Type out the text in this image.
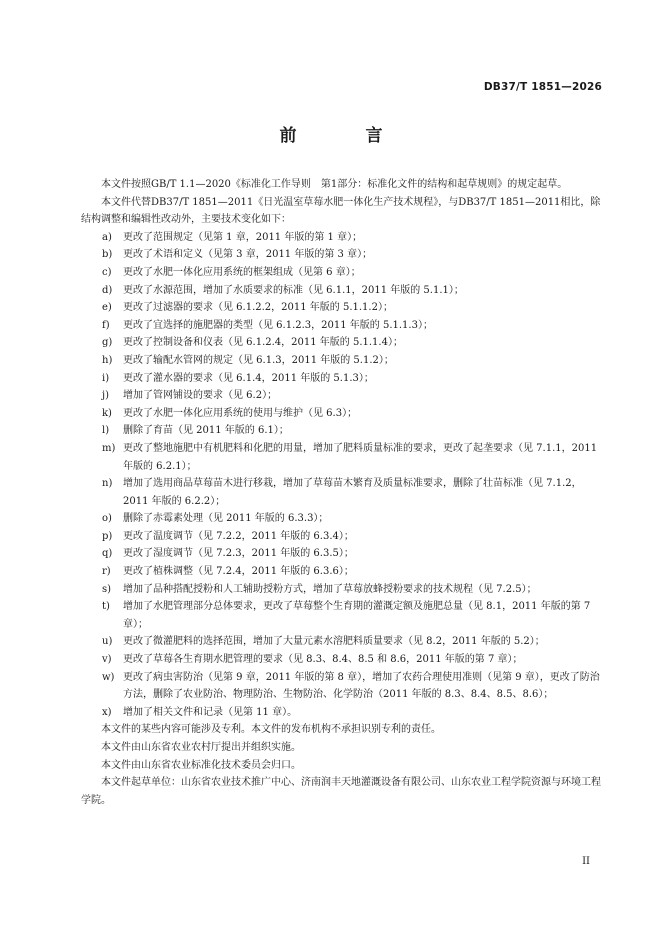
DB37/T 1851—2026
前　言
本文件按照GB/T 1.1—2020《标准化工作导则　第1部分：标准化文件的结构和起草规则》的规定起草。
本文件代替DB37/T 1851—2011《日光温室草莓水肥一体化生产技术规程》，与DB37/T 1851—2011相比，除结构调整和编辑性改动外，主要技术变化如下：
a) 更改了范围规定（见第 1 章，2011 年版的第 1 章）；
b) 更改了术语和定义（见第 3 章，2011 年版的第 3 章）；
c) 更改了水肥一体化应用系统的框架组成（见第 6 章）；
d) 更改了水源范围，增加了水质要求的标准（见 6.1.1，2011 年版的 5.1.1）；
e) 更改了过滤器的要求（见 6.1.2.2，2011 年版的 5.1.1.2）；
f) 更改了宜选择的施肥器的类型（见 6.1.2.3，2011 年版的 5.1.1.3）；
g) 更改了控制设备和仪表（见 6.1.2.4，2011 年版的 5.1.1.4）；
h) 更改了输配水管网的规定（见 6.1.3，2011 年版的 5.1.2）；
i) 更改了灌水器的要求（见 6.1.4，2011 年版的 5.1.3）；
j) 增加了管网铺设的要求（见 6.2）；
k) 更改了水肥一体化应用系统的使用与维护（见 6.3）；
l) 删除了育苗（见 2011 年版的 6.1）；
m) 更改了整地施肥中有机肥料和化肥的用量，增加了肥料质量标准的要求，更改了起垄要求（见 7.1.1，2011 年版的 6.2.1）；
n) 增加了选用商品草莓苗木进行移栽，增加了草莓苗木繁育及质量标准要求，删除了壮苗标准（见 7.1.2，2011 年版的 6.2.2）；
o) 删除了赤霉素处理（见 2011 年版的 6.3.3）；
p) 更改了温度调节（见 7.2.2，2011 年版的 6.3.4）；
q) 更改了湿度调节（见 7.2.3，2011 年版的 6.3.5）；
r) 更改了植株调整（见 7.2.4，2011 年版的 6.3.6）；
s) 增加了品种搭配授粉和人工辅助授粉方式，增加了草莓放蜂授粉要求的技术规程（见 7.2.5）；
t) 增加了水肥管理部分总体要求，更改了草莓整个生育期的灌溉定额及施肥总量（见 8.1，2011 年版的第 7 章）；
u) 更改了微灌肥料的选择范围，增加了大量元素水溶肥料质量要求（见 8.2，2011 年版的 5.2）；
v) 更改了草莓各生育期水肥管理的要求（见 8.3、8.4、8.5 和 8.6，2011 年版的第 7 章）；
w) 更改了病虫害防治（见第 9 章，2011 年版的第 8 章），增加了农药合理使用准则（见第 9 章），更改了防治方法，删除了农业防治、物理防治、生物防治、化学防治（2011 年版的 8.3、8.4、8.5、8.6）；
x) 增加了相关文件和记录（见第 11 章）。
本文件的某些内容可能涉及专利。本文件的发布机构不承担识别专利的责任。
本文件由山东省农业农村厅提出并组织实施。
本文件由山东省农业标准化技术委员会归口。
本文件起草单位：山东省农业技术推广中心、济南润丰天地灌溉设备有限公司、山东农业工程学院资源与环境工程学院。
II
